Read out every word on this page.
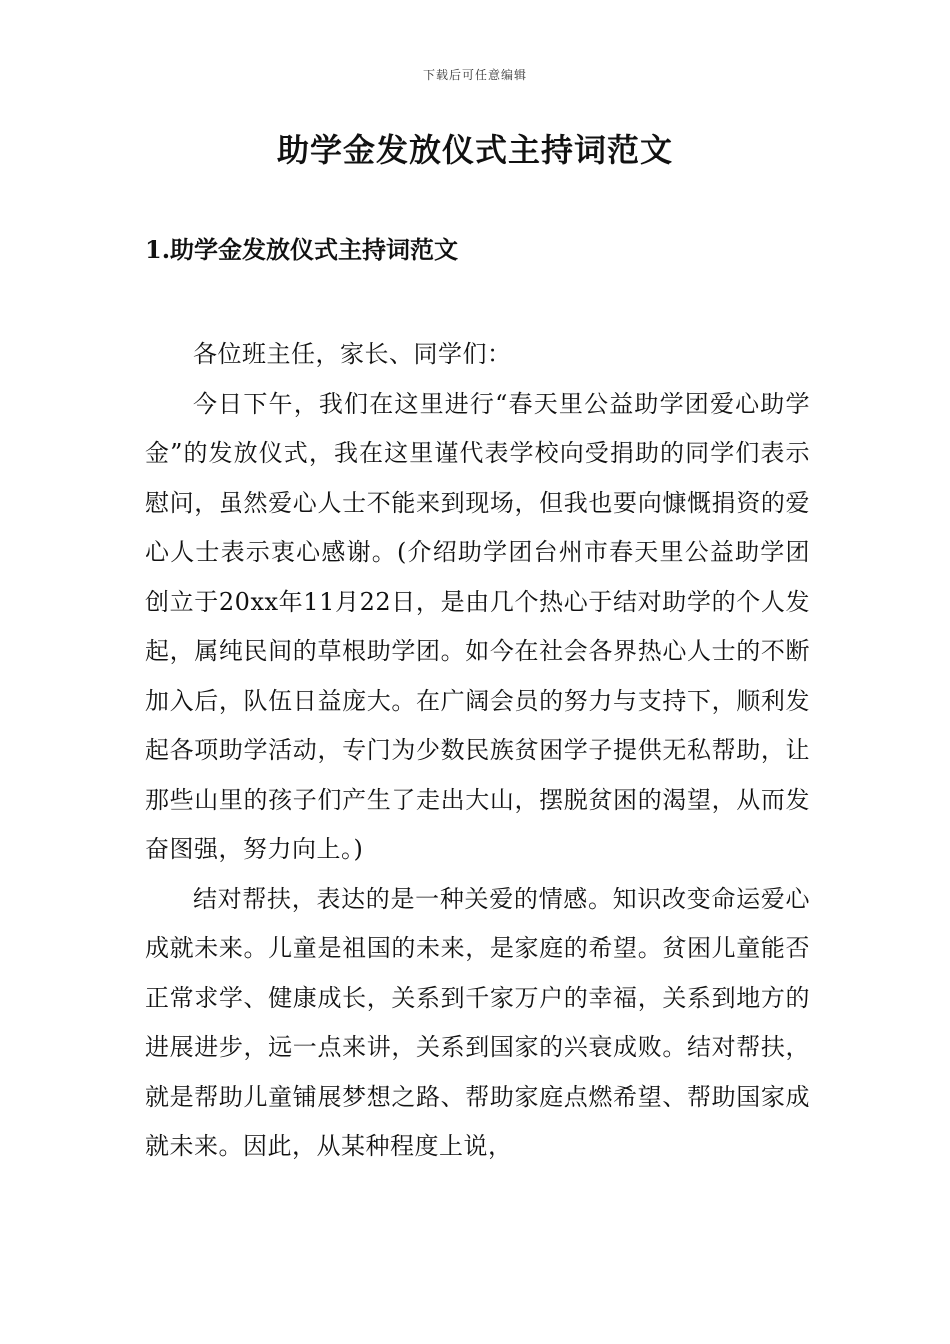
下载后可任意编辑
助学金发放仪式主持词范文
1.助学金发放仪式主持词范文

各位班主任，家长、同学们：

今日下午，我们在这里进行“春天里公益助学团爱心助学金”的发放仪式，我在这里谨代表学校向受捐助的同学们表示慰问，虽然爱心人士不能来到现场，但我也要向慷慨捐资的爱心人士表示衷心感谢。(介绍助学团台州市春天里公益助学团创立于20xx年11月22日，是由几个热心于结对助学的个人发起，属纯民间的草根助学团。如今在社会各界热心人士的不断加入后，队伍日益庞大。在广阔会员的努力与支持下，顺利发起各项助学活动，专门为少数民族贫困学子提供无私帮助，让那些山里的孩子们产生了走出大山，摆脱贫困的渴望，从而发奋图强，努力向上。)

结对帮扶，表达的是一种关爱的情感。知识改变命运爱心成就未来。儿童是祖国的未来，是家庭的希望。贫困儿童能否正常求学、健康成长，关系到千家万户的幸福，关系到地方的进展进步，远一点来讲，关系到国家的兴衰成败。结对帮扶，就是帮助儿童铺展梦想之路、帮助家庭点燃希望、帮助国家成就未来。因此，从某种程度上说，
